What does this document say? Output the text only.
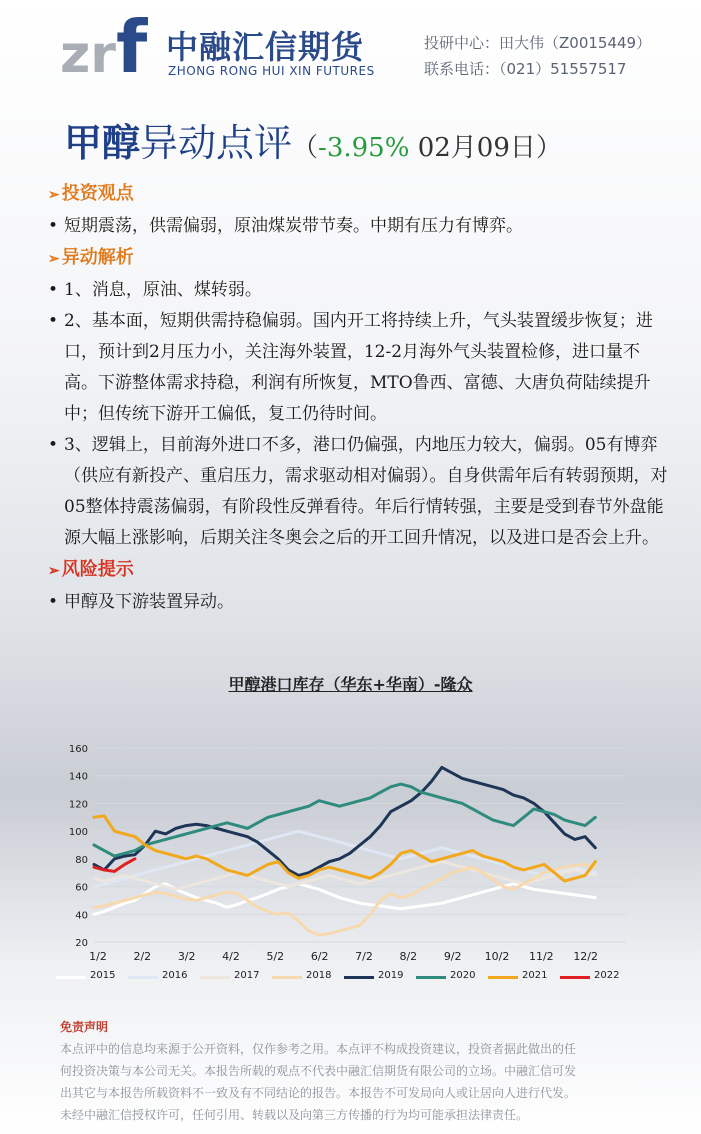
zr f 中融汇信期货
ZHONG RONG HUI XIN FUTURES
投研中心：田大伟（Z0015449）
联系电话：（021）51557517
甲醇异动点评（-3.95% 02月09日）
➢ 投资观点
• 短期震荡，供需偏弱，原油煤炭带节奏。中期有压力有博弈。
➢ 异动解析
• 1、消息，原油、煤转弱。
• 2、基本面，短期供需持稳偏弱。国内开工将持续上升，气头装置缓步恢复；进口，预计到2月压力小，关注海外装置，12-2月海外气头装置检修，进口量不高。下游整体需求持稳，利润有所恢复，MTO鲁西、富德、大唐负荷陆续提升中；但传统下游开工偏低，复工仍待时间。
• 3、逻辑上，目前海外进口不多，港口仍偏强，内地压力较大，偏弱。05有博弈（供应有新投产、重启压力，需求驱动相对偏弱）。自身供需年后有转弱预期，对05整体持震荡偏弱，有阶段性反弹看待。年后行情转强，主要是受到春节外盘能源大幅上涨影响，后期关注冬奥会之后的开工回升情况，以及进口是否会上升。
➢ 风险提示
• 甲醇及下游装置异动。
甲醇港口库存（华东+华南）-隆众
20
40
60
80
100
120
140
160
1/2 2/2 3/2 4/2 5/2 6/2 7/2 8/2 9/2 10/2 11/2 12/2
2015	2016	2017	2018	2019	2020	2021	2022
免责声明
本点评中的信息均来源于公开资料，仅作参考之用。本点评不构成投资建议，投资者据此做出的任
何投资决策与本公司无关。本报告所载的观点不代表中融汇信期货有限公司的立场。中融汇信可发
出其它与本报告所载资料不一致及有不同结论的报告。本报告不可发局向人或让居向人进行代发。
未经中融汇信授权许可，任何引用、转载以及向第三方传播的行为均可能承担法律责任。
